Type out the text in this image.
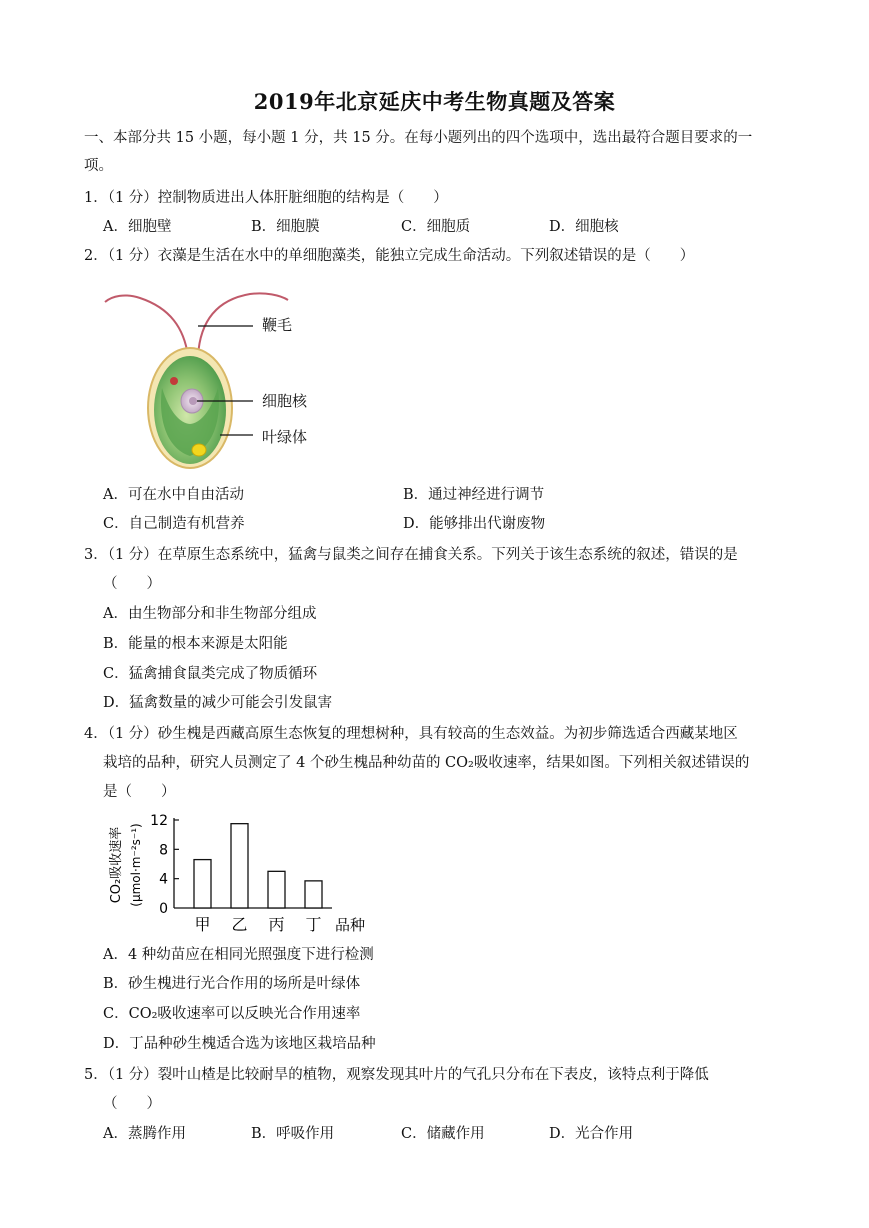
2019年北京延庆中考生物真题及答案
一、本部分共 15 小题，每小题 1 分，共 15 分。在每小题列出的四个选项中，选出最符合题目要求的一
项。
1．（1 分）控制物质进出人体肝脏细胞的结构是（　　）
A．细胞壁	B．细胞膜	C．细胞质	D．细胞核
2．（1 分）衣藻是生活在水中的单细胞藻类，能独立完成生命活动。下列叙述错误的是（　　）
鞭毛
细胞核
叶绿体
A．可在水中自由活动	B．通过神经进行调节
C．自己制造有机营养	D．能够排出代谢废物
3．（1 分）在草原生态系统中，猛禽与鼠类之间存在捕食关系。下列关于该生态系统的叙述，错误的是
（　　）
A．由生物部分和非生物部分组成
B．能量的根本来源是太阳能
C．猛禽捕食鼠类完成了物质循环
D．猛禽数量的减少可能会引发鼠害
4．（1 分）砂生槐是西藏高原生态恢复的理想树种，具有较高的生态效益。为初步筛选适合西藏某地区
栽培的品种，研究人员测定了 4 个砂生槐品种幼苗的 CO₂吸收速率，结果如图。下列相关叙述错误的
是（　　）
0
4
8
12
甲 乙 丙 丁 品种
CO₂吸收速率 (μmol·m⁻²s⁻¹)
A．4 种幼苗应在相同光照强度下进行检测
B．砂生槐进行光合作用的场所是叶绿体
C．CO₂吸收速率可以反映光合作用速率
D．丁品种砂生槐适合选为该地区栽培品种
5．（1 分）裂叶山楂是比较耐旱的植物，观察发现其叶片的气孔只分布在下表皮，该特点利于降低
（　　）
A．蒸腾作用	B．呼吸作用	C．储藏作用	D．光合作用
